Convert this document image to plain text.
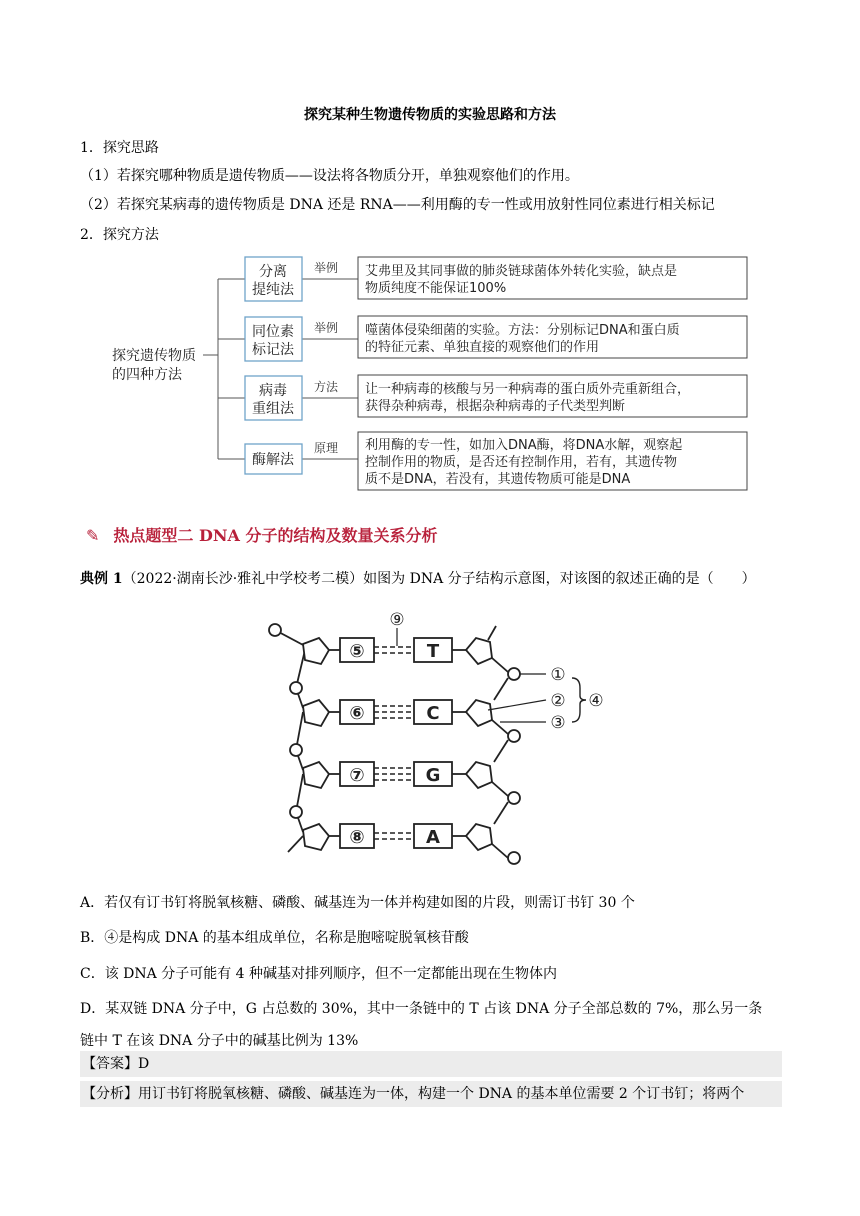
探究某种生物遗传物质的实验思路和方法
1．探究思路
（1）若探究哪种物质是遗传物质——设法将各物质分开，单独观察他们的作用。
（2）若探究某病毒的遗传物质是 DNA 还是 RNA——利用酶的专一性或用放射性同位素进行相关标记
2．探究方法
探究遗传物质
的四种方法
分离
提纯法
同位素
标记法
病毒
重组法
酶解法
举例
举例
方法
原理
艾弗里及其同事做的肺炎链球菌体外转化实验，缺点是
物质纯度不能保证100%
噬菌体侵染细菌的实验。方法：分别标记DNA和蛋白质
的特征元素、单独直接的观察他们的作用
让一种病毒的核酸与另一种病毒的蛋白质外壳重新组合，
获得杂种病毒，根据杂种病毒的子代类型判断
利用酶的专一性，如加入DNA酶，将DNA水解，观察起
控制作用的物质，是否还有控制作用，若有，其遗传物
质不是DNA，若没有，其遗传物质可能是DNA
✎ 热点题型二 DNA 分子的结构及数量关系分析
典例 1（2022·湖南长沙·雅礼中学校考二模）如图为 DNA 分子结构示意图，对该图的叙述正确的是（　　）
⑤
⑥
⑦
⑧
T
C
G
A
⑨
①
②
③
④
A．若仅有订书钉将脱氧核糖、磷酸、碱基连为一体并构建如图的片段，则需订书钉 30 个
B．④是构成 DNA 的基本组成单位，名称是胞嘧啶脱氧核苷酸
C．该 DNA 分子可能有 4 种碱基对排列顺序，但不一定都能出现在生物体内
D．某双链 DNA 分子中，G 占总数的 30%，其中一条链中的 T 占该 DNA 分子全部总数的 7%，那么另一条
链中 T 在该 DNA 分子中的碱基比例为 13%
【答案】D
【分析】用订书钉将脱氧核糖、磷酸、碱基连为一体，构建一个 DNA 的基本单位需要 2 个订书钉；将两个
